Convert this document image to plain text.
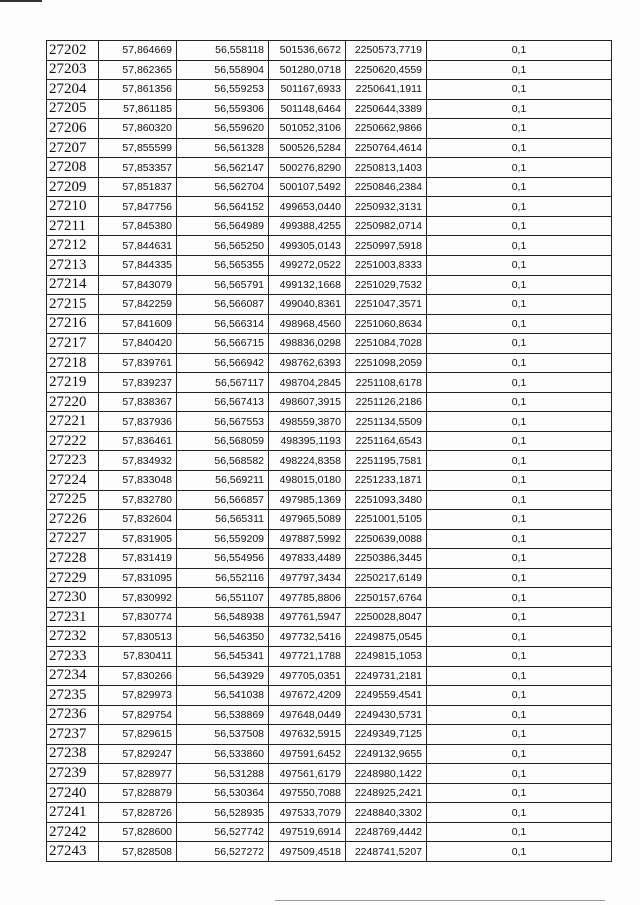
27202	57,864669	56,558118	501536,6672	2250573,7719	0,1
27203	57,862365	56,558904	501280,0718	2250620,4559	0,1
27204	57,861356	56,559253	501167,6933	2250641,1911	0,1
27205	57,861185	56,559306	501148,6464	2250644,3389	0,1
27206	57,860320	56,559620	501052,3106	2250662,9866	0,1
27207	57,855599	56,561328	500526,5284	2250764,4614	0,1
27208	57,853357	56,562147	500276,8290	2250813,1403	0,1
27209	57,851837	56,562704	500107,5492	2250846,2384	0,1
27210	57,847756	56,564152	499653,0440	2250932,3131	0,1
27211	57,845380	56,564989	499388,4255	2250982,0714	0,1
27212	57,844631	56,565250	499305,0143	2250997,5918	0,1
27213	57,844335	56,565355	499272,0522	2251003,8333	0,1
27214	57,843079	56,565791	499132,1668	2251029,7532	0,1
27215	57,842259	56,566087	499040,8361	2251047,3571	0,1
27216	57,841609	56,566314	498968,4560	2251060,8634	0,1
27217	57,840420	56,566715	498836,0298	2251084,7028	0,1
27218	57,839761	56,566942	498762,6393	2251098,2059	0,1
27219	57,839237	56,567117	498704,2845	2251108,6178	0,1
27220	57,838367	56,567413	498607,3915	2251126,2186	0,1
27221	57,837936	56,567553	498559,3870	2251134,5509	0,1
27222	57,836461	56,568059	498395,1193	2251164,6543	0,1
27223	57,834932	56,568582	498224,8358	2251195,7581	0,1
27224	57,833048	56,569211	498015,0180	2251233,1871	0,1
27225	57,832780	56,566857	497985,1369	2251093,3480	0,1
27226	57,832604	56,565311	497965,5089	2251001,5105	0,1
27227	57,831905	56,559209	497887,5992	2250639,0088	0,1
27228	57,831419	56,554956	497833,4489	2250386,3445	0,1
27229	57,831095	56,552116	497797,3434	2250217,6149	0,1
27230	57,830992	56,551107	497785,8806	2250157,6764	0,1
27231	57,830774	56,548938	497761,5947	2250028,8047	0,1
27232	57,830513	56,546350	497732,5416	2249875,0545	0,1
27233	57,830411	56,545341	497721,1788	2249815,1053	0,1
27234	57,830266	56,543929	497705,0351	2249731,2181	0,1
27235	57,829973	56,541038	497672,4209	2249559,4541	0,1
27236	57,829754	56,538869	497648,0449	2249430,5731	0,1
27237	57,829615	56,537508	497632,5915	2249349,7125	0,1
27238	57,829247	56,533860	497591,6452	2249132,9655	0,1
27239	57,828977	56,531288	497561,6179	2248980,1422	0,1
27240	57,828879	56,530364	497550,7088	2248925,2421	0,1
27241	57,828726	56,528935	497533,7079	2248840,3302	0,1
27242	57,828600	56,527742	497519,6914	2248769,4442	0,1
27243	57,828508	56,527272	497509,4518	2248741,5207	0,1
